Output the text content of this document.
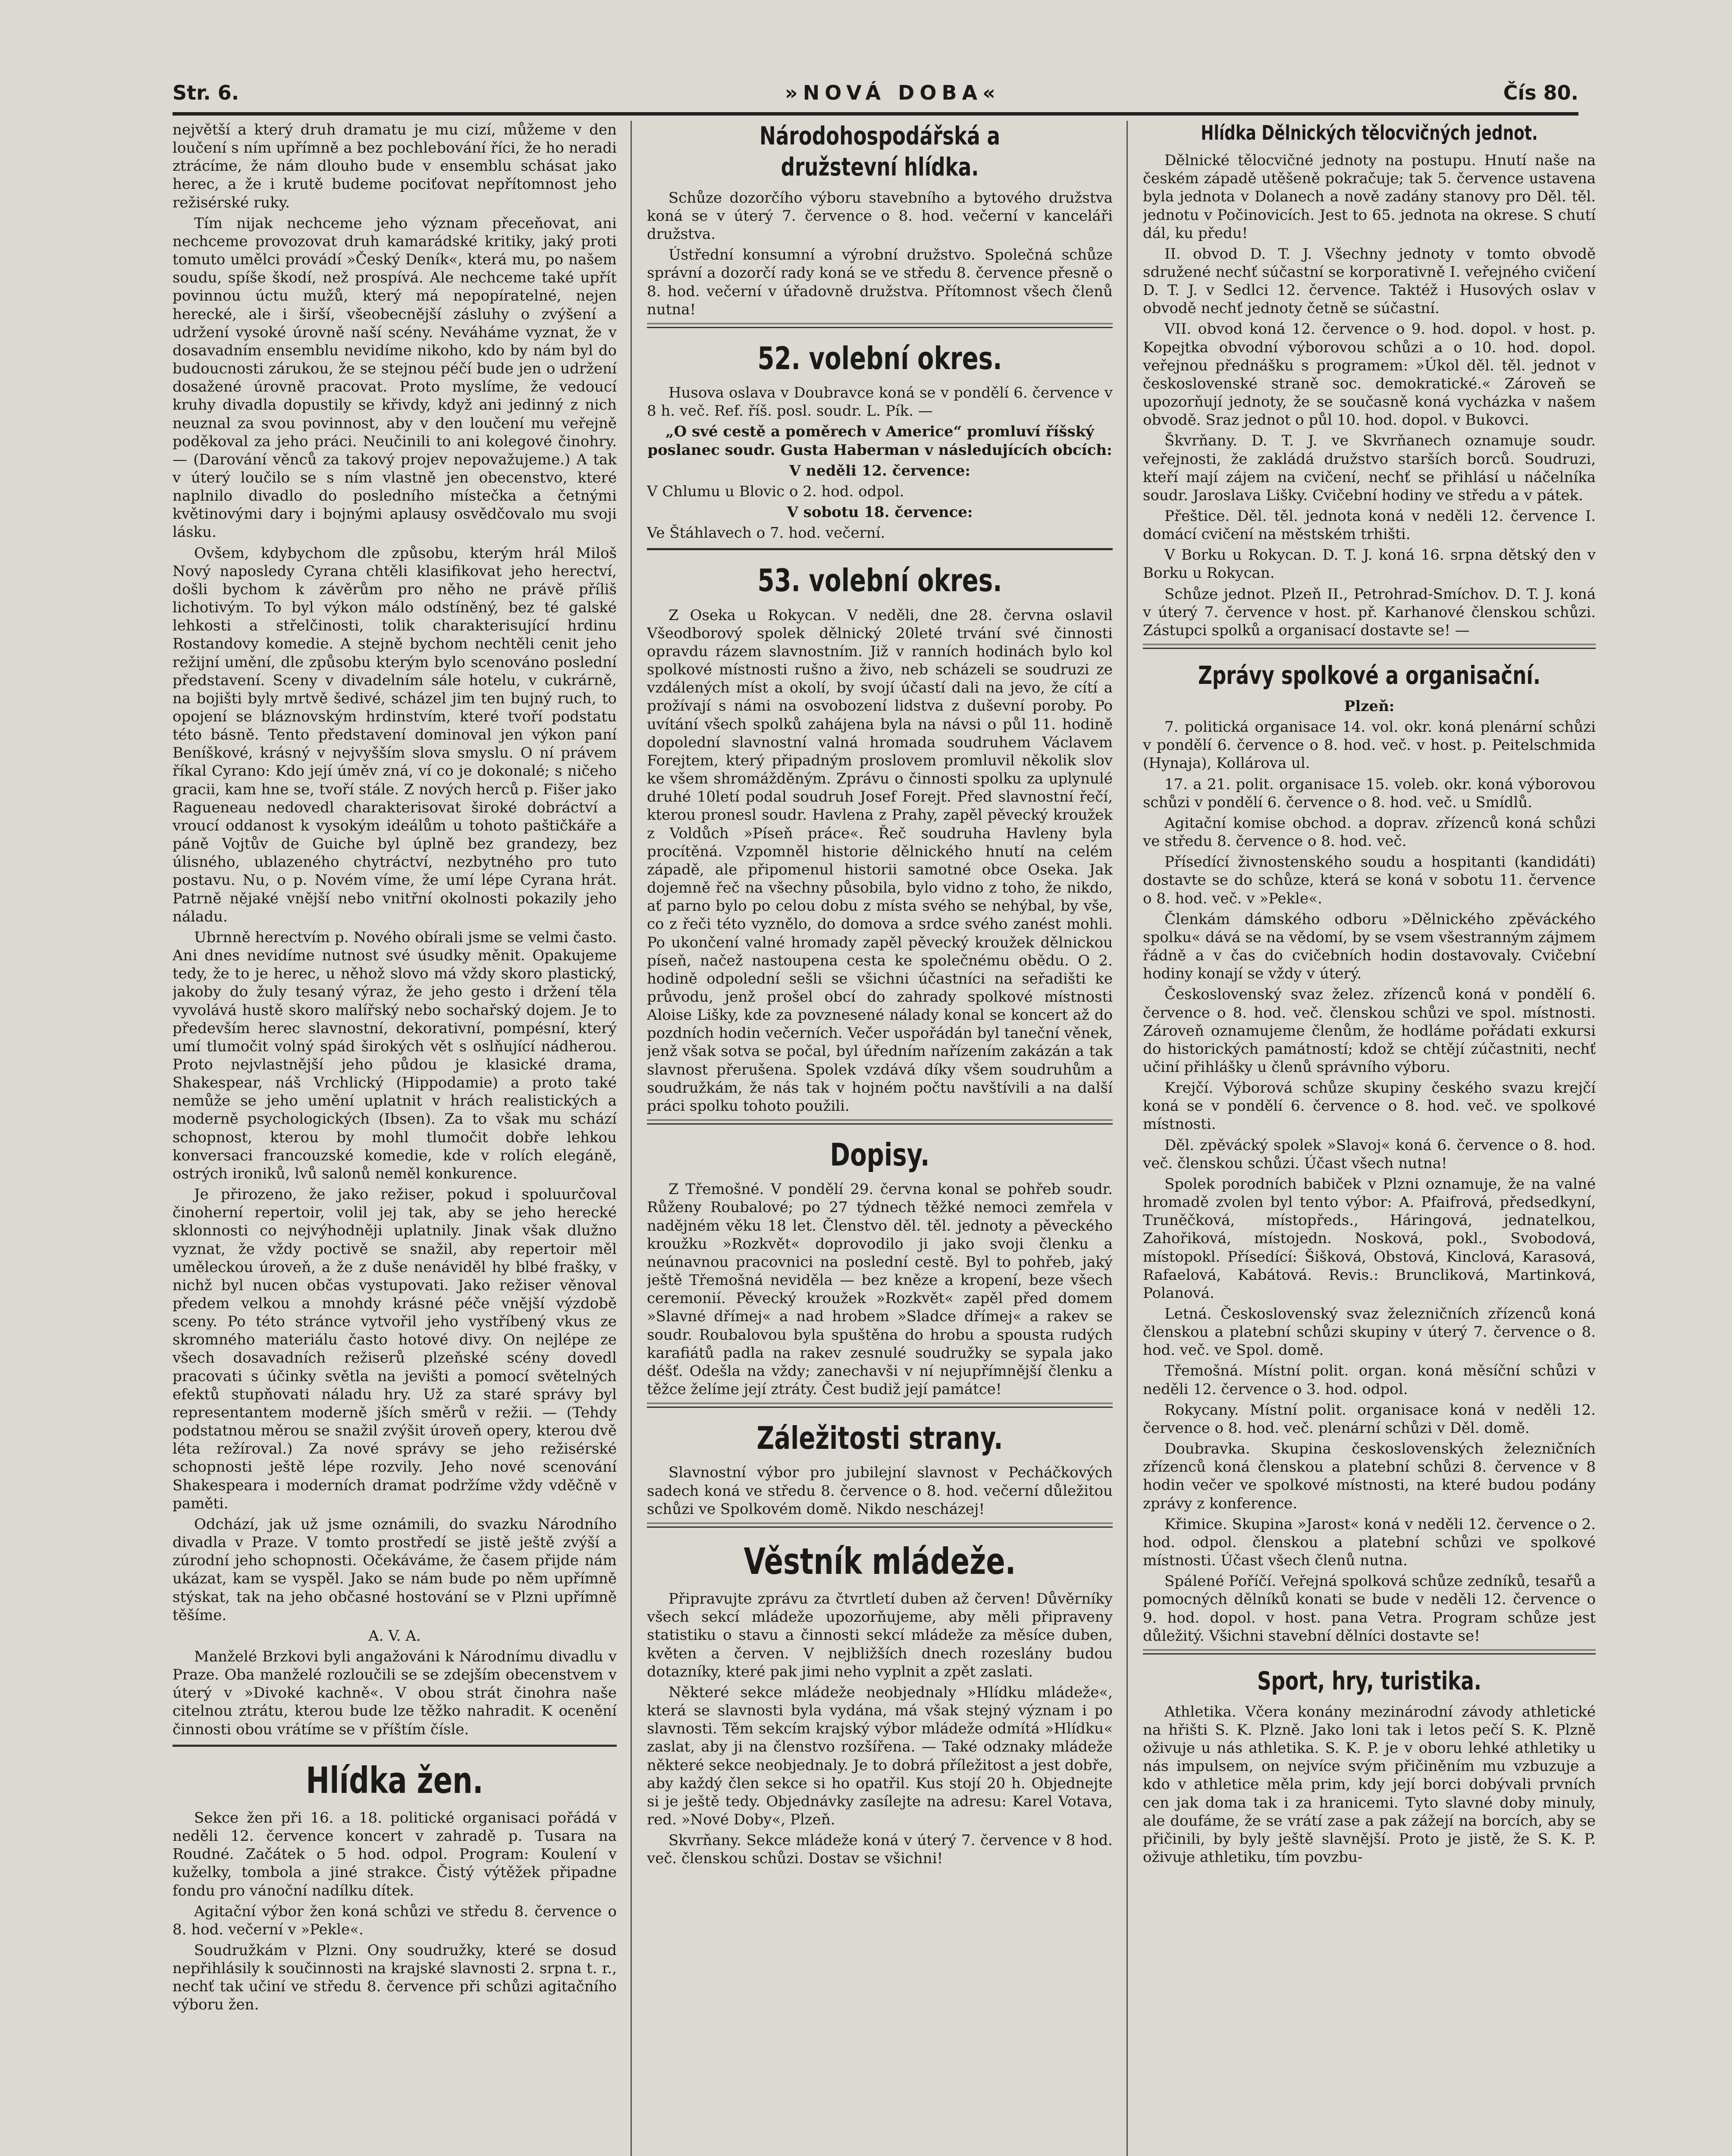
Str. 6.	»NOVÁ DOBA«	Čís 80.

největší a který druh dramatu je mu cizí, můžeme v den loučení s ním upřímně a bez pochlebování říci, že ho neradi ztrácíme, že nám dlouho bude v ensemblu schásat jako herec, a že i krutě budeme pociťovat nepřítomnost jeho režisérské ruky.

Tím nijak nechceme jeho význam přeceňovat, ani nechceme provozovat druh kamarádské kritiky, jaký proti tomuto umělci provádí »Český Deník«, která mu, po našem soudu, spíše škodí, než prospívá. Ale nechceme také upřít povinnou úctu mužů, který má nepopíratelné, nejen herecké, ale i širší, všeobecnější zásluhy o zvýšení a udržení vysoké úrovně naší scény. Neváháme vyznat, že v dosavadním ensemblu nevidíme nikoho, kdo by nám byl do budoucnosti zárukou, že se stejnou péčí bude jen o udržení dosažené úrovně pracovat. Proto myslíme, že vedoucí kruhy divadla dopustily se křivdy, když ani jedinný z nich neuznal za svou povinnost, aby v den loučení mu veřejně poděkoval za jeho práci. Neučinili to ani kolegové činohry. — (Darování věnců za takový projev nepovažujeme.) A tak v úterý loučilo se s ním vlastně jen obecenstvo, které naplnilo divadlo do posledního místečka a četnými květinovými dary i bojnými aplausy osvědčovalo mu svoji lásku.

Ovšem, kdybychom dle způsobu, kterým hrál Miloš Nový naposledy Cyrana chtěli klasifikovat jeho herectví, došli bychom k závěrům pro něho ne právě příliš lichotivým. To byl výkon málo odstíněný, bez té galské lehkosti a střelčinosti, tolik charakterisující hrdinu Rostandovy komedie. A stejně bychom nechtěli cenit jeho režijní umění, dle způsobu kterým bylo scenováno poslední představení. Sceny v divadelním sále hotelu, v cukrárně, na bojišti byly mrtvě šedivé, scházel jim ten bujný ruch, to opojení se bláznovským hrdinstvím, které tvoří podstatu této básně. Tento představení dominoval jen výkon paní Beníškové, krásný v nejvyšším slova smyslu. O ní právem říkal Cyrano: Kdo její úměv zná, ví co je dokonalé; s ničeho gracii, kam hne se, tvoří stále. Z nových herců p. Fišer jako Ragueneau nedovedl charakterisovat široké dobráctví a vroucí oddanost k vysokým ideálům u tohoto paštičkáře a páně Vojtův de Guiche byl úplně bez grandezy, bez úlisného, ublazeného chytráctví, nezbytného pro tuto postavu. Nu, o p. Novém víme, že umí lépe Cyrana hrát. Patrně nějaké vnější nebo vnitřní okolnosti pokazily jeho náladu.

Ubrnně herectvím p. Nového obírali jsme se velmi často. Ani dnes nevidíme nutnost své úsudky měnit. Opakujeme tedy, že to je herec, u něhož slovo má vždy skoro plastický, jakoby do žuly tesaný výraz, že jeho gesto i držení těla vyvolává hustě skoro malířský nebo sochařský dojem. Je to především herec slavnostní, dekorativní, pompésní, který umí tlumočit volný spád širokých vět s oslňující nádherou. Proto nejvlastnější jeho půdou je klasické drama, Shakespear, náš Vrchlický (Hippodamie) a proto také nemůže se jeho umění uplatnit v hrách realistických a moderně psychologických (Ibsen). Za to však mu schází schopnost, kterou by mohl tlumočit dobře lehkou konversaci francouzské komedie, kde v rolích elegáně, ostrých ironiků, lvů salonů neměl konkurence.

Je přirozeno, že jako režiser, pokud i spoluurčoval činoherní repertoir, volil jej tak, aby se jeho herecké sklonnosti co nejvýhodněji uplatnily. Jinak však dlužno vyznat, že vždy poctivě se snažil, aby repertoir měl uměleckou úroveň, a že z duše nenáviděl hy blbé frašky, v nichž byl nucen občas vystupovati. Jako režiser věnoval předem velkou a mnohdy krásné péče vnější výzdobě sceny. Po této stránce vytvořil jeho vystříbený vkus ze skromného materiálu často hotové divy. On nejlépe ze všech dosavadních režiserů plzeňské scény dovedl pracovati s účinky světla na jevišti a pomocí světelných efektů stupňovati náladu hry. Už za staré správy byl representantem moderně jších směrů v režii. — (Tehdy podstatnou měrou se snažil zvýšit úroveň opery, kterou dvě léta režíroval.) Za nové správy se jeho režisérské schopnosti ještě lépe rozvily. Jeho nové scenování Shakespeara i moderních dramat podržíme vždy vděčně v paměti.

Odchází, jak už jsme oznámili, do svazku Národního divadla v Praze. V tomto prostředí se jistě ještě zvýší a zúrodní jeho schopnosti. Očekáváme, že časem přijde nám ukázat, kam se vyspěl. Jako se nám bude po něm upřímně stýskat, tak na jeho občasné hostování se v Plzni upřímně těšíme.

A. V. A.

Manželé Brzkovi byli angažováni k Národnímu divadlu v Praze. Oba manželé rozloučili se se zdejším obecenstvem v úterý v »Divoké kachně«. V obou strát činohra naše citelnou ztrátu, kterou bude lze těžko nahradit. K ocenění činnosti obou vrátíme se v příštím čísle.

Hlídka žen.

Sekce žen při 16. a 18. politické organisaci pořádá v neděli 12. července koncert v zahradě p. Tusara na Roudné. Začátek o 5 hod. odpol. Program: Koulení v kuželky, tombola a jiné strakce. Čistý výtěžek připadne fondu pro vánoční nadílku dítek.

Agitační výbor žen koná schůzi ve středu 8. července o 8. hod. večerní v »Pekle«.

Soudružkám v Plzni. Ony soudružky, které se dosud nepřihlásily k součinnosti na krajské slavnosti 2. srpna t. r., nechť tak učiní ve středu 8. července při schůzi agitačního výboru žen.

Národohospodářská a družstevní hlídka.

Schůze dozorčího výboru stavebního a bytového družstva koná se v úterý 7. července o 8. hod. večerní v kanceláři družstva.

Ústřední konsumní a výrobní družstvo. Společná schůze správní a dozorčí rady koná se ve středu 8. července přesně o 8. hod. večerní v úřadovně družstva. Přítomnost všech členů nutna!

52. volební okres.

Husova oslava v Doubravce koná se v pondělí 6. července v 8 h. več. Ref. říš. posl. soudr. L. Pík. —

„O své cestě a poměrech v Americe“ promluví říšský poslanec soudr. Gusta Haberman v následujících obcích:

V neděli 12. července:

V Chlumu u Blovic o 2. hod. odpol.

V sobotu 18. července:

Ve Štáhlavech o 7. hod. večerní.

53. volební okres.

Z Oseka u Rokycan. V neděli, dne 28. června oslavil Všeodborový spolek dělnický 20leté trvání své činnosti opravdu rázem slavnostním. Již v ranních hodinách bylo kol spolkové místnosti rušno a živo, neb scházeli se soudruzi ze vzdálených míst a okolí, by svojí účastí dali na jevo, že cítí a prožívají s námi na osvobození lidstva z duševní poroby. Po uvítání všech spolků zahájena byla na návsi o půl 11. hodině dopolední slavnostní valná hromada soudruhem Václavem Forejtem, který připadným proslovem promluvil několik slov ke všem shromážděným. Zprávu o činnosti spolku za uplynulé druhé 10letí podal soudruh Josef Forejt. Před slavnostní řečí, kterou pronesl soudr. Havlena z Prahy, zapěl pěvecký kroužek z Voldůch »Píseň práce«. Řeč soudruha Havleny byla procítěná. Vzpomněl historie dělnického hnutí na celém západě, ale připomenul historii samotné obce Oseka. Jak dojemně řeč na všechny působila, bylo vidno z toho, že nikdo, ať parno bylo po celou dobu z místa svého se nehýbal, by vše, co z řeči této vyznělo, do domova a srdce svého zanést mohli. Po ukončení valné hromady zapěl pěvecký kroužek dělnickou píseň, načež nastoupena cesta ke společnému obědu. O 2. hodině odpolední sešli se všichni účastníci na seřadišti ke průvodu, jenž prošel obcí do zahrady spolkové místnosti Aloise Lišky, kde za povznesené nálady konal se koncert až do pozdních hodin večerních. Večer uspořádán byl taneční věnek, jenž však sotva se počal, byl úředním nařízením zakázán a tak slavnost přerušena. Spolek vzdává díky všem soudruhům a soudružkám, že nás tak v hojném počtu navštívili a na další práci spolku tohoto použili.

Dopisy.

Z Třemošné. V pondělí 29. června konal se pohřeb soudr. Růženy Roubalové; po 27 týdnech těžké nemoci zemřela v nadějném věku 18 let. Členstvo děl. těl. jednoty a pěveckého kroužku »Rozkvět« doprovodilo ji jako svoji členku a neúnavnou pracovnici na poslední cestě. Byl to pohřeb, jaký ještě Třemošná neviděla — bez kněze a kropení, beze všech ceremonií. Pěvecký kroužek »Rozkvět« zapěl před domem »Slavné dřímej« a nad hrobem »Sladce dřímej« a rakev se soudr. Roubalovou byla spuštěna do hrobu a spousta rudých karafiátů padla na rakev zesnulé soudružky se sypala jako déšť. Odešla na vždy; zanechavši v ní nejupřímnější členku a těžce želíme její ztráty. Čest budiž její památce!

Záležitosti strany.

Slavnostní výbor pro jubilejní slavnost v Pecháčkových sadech koná ve středu 8. července o 8. hod. večerní důležitou schůzi ve Spolkovém domě. Nikdo nescházej!

Věstník mládeže.

Připravujte zprávu za čtvrtletí duben až červen! Důvěrníky všech sekcí mládeže upozorňujeme, aby měli připraveny statistiku o stavu a činnosti sekcí mládeže za měsíce duben, květen a červen. V nejbližších dnech rozeslány budou dotazníky, které pak jimi neho vyplnit a zpět zaslati.

Některé sekce mládeže neobjednaly »Hlídku mládeže«, která se slavnosti byla vydána, má však stejný význam i po slavnosti. Těm sekcím krajský výbor mládeže odmítá »Hlídku« zaslat, aby ji na členstvo rozšířena. — Také odznaky mládeže některé sekce neobjednaly. Je to dobrá příležitost a jest dobře, aby každý člen sekce si ho opatřil. Kus stojí 20 h. Objednejte si je ještě tedy. Objednávky zasílejte na adresu: Karel Votava, red. »Nové Doby«, Plzeň.

Skvrňany. Sekce mládeže koná v úterý 7. července v 8 hod. več. členskou schůzi. Dostav se všichni!

Hlídka Dělnických tělocvičných jednot.

Dělnické tělocvičné jednoty na postupu. Hnutí naše na českém západě utěšeně pokračuje; tak 5. července ustavena byla jednota v Dolanech a nově zadány stanovy pro Děl. těl. jednotu v Počinovicích. Jest to 65. jednota na okrese. S chutí dál, ku předu!

II. obvod D. T. J. Všechny jednoty v tomto obvodě sdružené nechť súčastní se korporativně I. veřejného cvičení D. T. J. v Sedlci 12. července. Taktéž i Husových oslav v obvodě nechť jednoty četně se súčastní.

VII. obvod koná 12. července o 9. hod. dopol. v host. p. Kopejtka obvodní výborovou schůzi a o 10. hod. dopol. veřejnou přednášku s programem: »Úkol děl. těl. jednot v československé straně soc. demokratické.« Zároveň se upozorňují jednoty, že se současně koná vycházka v našem obvodě. Sraz jednot o půl 10. hod. dopol. v Bukovci.

Škvrňany. D. T. J. ve Skvrňanech oznamuje soudr. veřejnosti, že zakládá družstvo starších borců. Soudruzi, kteří mají zájem na cvičení, nechť se přihlásí u náčelníka soudr. Jaroslava Lišky. Cvičební hodiny ve středu a v pátek.

Přeštice. Děl. těl. jednota koná v neděli 12. července I. domácí cvičení na městském trhišti.

V Borku u Rokycan. D. T. J. koná 16. srpna dětský den v Borku u Rokycan.

Schůze jednot. Plzeň II., Petrohrad-Smíchov. D. T. J. koná v úterý 7. července v host. př. Karhanové členskou schůzi. Zástupci spolků a organisací dostavte se! —

Zprávy spolkové a organisační.

Plzeň:

7. politická organisace 14. vol. okr. koná plenární schůzi v pondělí 6. července o 8. hod. več. v host. p. Peitelschmida (Hynaja), Kollárova ul.

17. a 21. polit. organisace 15. voleb. okr. koná výborovou schůzi v pondělí 6. července o 8. hod. več. u Smídlů.

Agitační komise obchod. a doprav. zřízenců koná schůzi ve středu 8. července o 8. hod. več.

Přísedící živnostenského soudu a hospitanti (kandidáti) dostavte se do schůze, která se koná v sobotu 11. července o 8. hod. več. v »Pekle«.

Členkám dámského odboru »Dělnického zpěváckého spolku« dává se na vědomí, by se vsem všestranným zájmem řádně a v čas do cvičebních hodin dostavovaly. Cvičební hodiny konají se vždy v úterý.

Československý svaz želez. zřízenců koná v pondělí 6. července o 8. hod. več. členskou schůzi ve spol. místnosti. Zároveň oznamujeme členům, že hodláme pořádati exkursi do historických památností; kdož se chtějí zúčastniti, nechť učiní přihlášky u členů správního výboru.

Krejčí. Výborová schůze skupiny českého svazu krejčí koná se v pondělí 6. července o 8. hod. več. ve spolkové místnosti.

Děl. zpěvácký spolek »Slavoj« koná 6. července o 8. hod. več. členskou schůzi. Účast všech nutna!

Spolek porodních babiček v Plzni oznamuje, že na valné hromadě zvolen byl tento výbor: A. Pfaifrová, předsedkyní, Truněčková, místopředs., Háringová, jednatelkou, Zahořiková, místojedn. Nosková, pokl., Svobodová, místopokl. Přísedící: Šišková, Obstová, Kinclová, Karasová, Rafaelová, Kabátová. Revis.: Bruncliková, Martinková, Polanová.

Letná. Československý svaz železničních zřízenců koná členskou a platební schůzi skupiny v úterý 7. července o 8. hod. več. ve Spol. domě.

Třemošná. Místní polit. organ. koná měsíční schůzi v neděli 12. července o 3. hod. odpol.

Rokycany. Místní polit. organisace koná v neděli 12. července o 8. hod. več. plenární schůzi v Děl. domě.

Doubravka. Skupina československých železničních zřízenců koná členskou a platební schůzi 8. července v 8 hodin večer ve spolkové místnosti, na které budou podány zprávy z konference.

Křimice. Skupina »Jarost« koná v neděli 12. července o 2. hod. odpol. členskou a platební schůzi ve spolkové místnosti. Účast všech členů nutna.

Spálené Poříčí. Veřejná spolková schůze zedníků, tesařů a pomocných dělníků konati se bude v neděli 12. července o 9. hod. dopol. v host. pana Vetra. Program schůze jest důležitý. Všichni stavební dělníci dostavte se!

Sport, hry, turistika.

Athletika. Včera konány mezinárodní závody athletické na hřišti S. K. Plzně. Jako loni tak i letos pečí S. K. Plzně oživuje u nás athletika. S. K. P. je v oboru lehké athletiky u nás impulsem, on nejvíce svým přičiněním mu vzbuzuje a kdo v athletice měla prim, kdy její borci dobývali prvních cen jak doma tak i za hranicemi. Tyto slavné doby minuly, ale doufáme, že se vrátí zase a pak zážejí na borcích, aby se přičinili, by byly ještě slavnější. Proto je jistě, že S. K. P. oživuje athletiku, tím povzbu-
